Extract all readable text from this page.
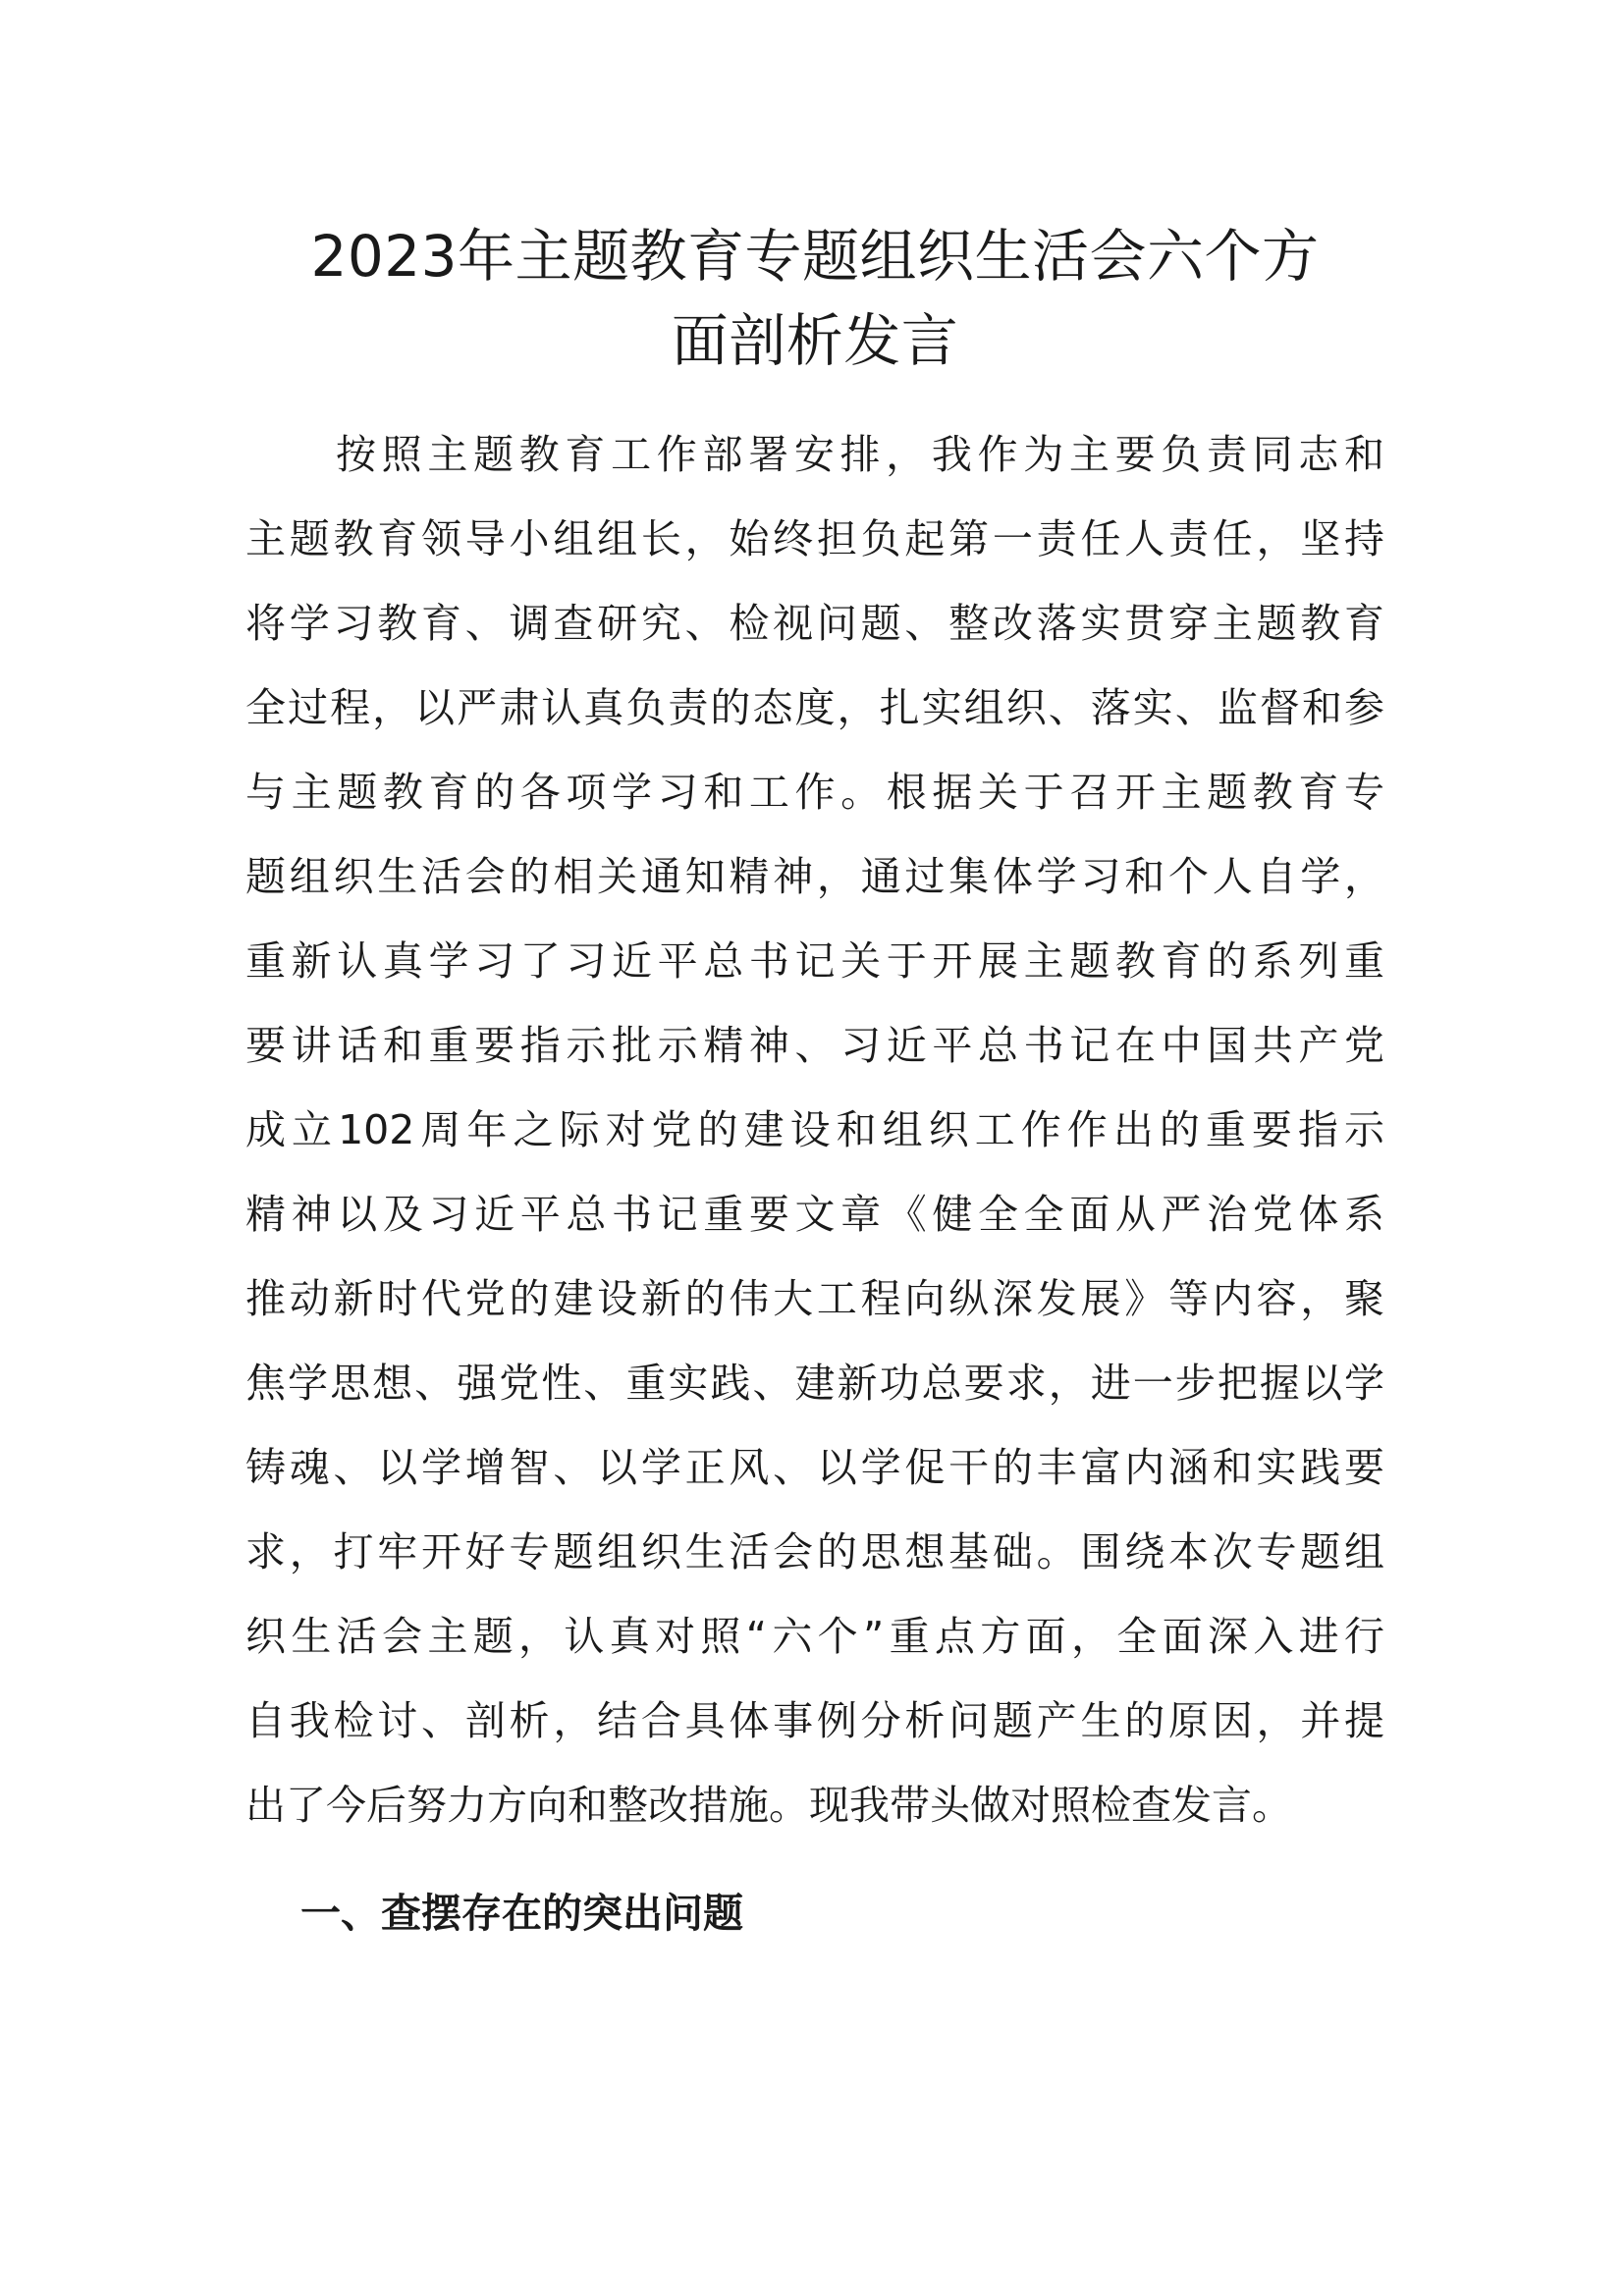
2023年主题教育专题组织生活会六个方
面剖析发言
按照主题教育工作部署安排，我作为主要负责同志和
主题教育领导小组组长，始终担负起第一责任人责任，坚持
将学习教育、调查研究、检视问题、整改落实贯穿主题教育
全过程，以严肃认真负责的态度，扎实组织、落实、监督和参
与主题教育的各项学习和工作。根据关于召开主题教育专
题组织生活会的相关通知精神，通过集体学习和个人自学，
重新认真学习了习近平总书记关于开展主题教育的系列重
要讲话和重要指示批示精神、习近平总书记在中国共产党
成立102周年之际对党的建设和组织工作作出的重要指示
精神以及习近平总书记重要文章《健全全面从严治党体系
推动新时代党的建设新的伟大工程向纵深发展》等内容，聚
焦学思想、强党性、重实践、建新功总要求，进一步把握以学
铸魂、以学增智、以学正风、以学促干的丰富内涵和实践要
求，打牢开好专题组织生活会的思想基础。围绕本次专题组
织生活会主题，认真对照“六个”重点方面，全面深入进行
自我检讨、剖析，结合具体事例分析问题产生的原因，并提
出了今后努力方向和整改措施。现我带头做对照检查发言。
一、查摆存在的突出问题
